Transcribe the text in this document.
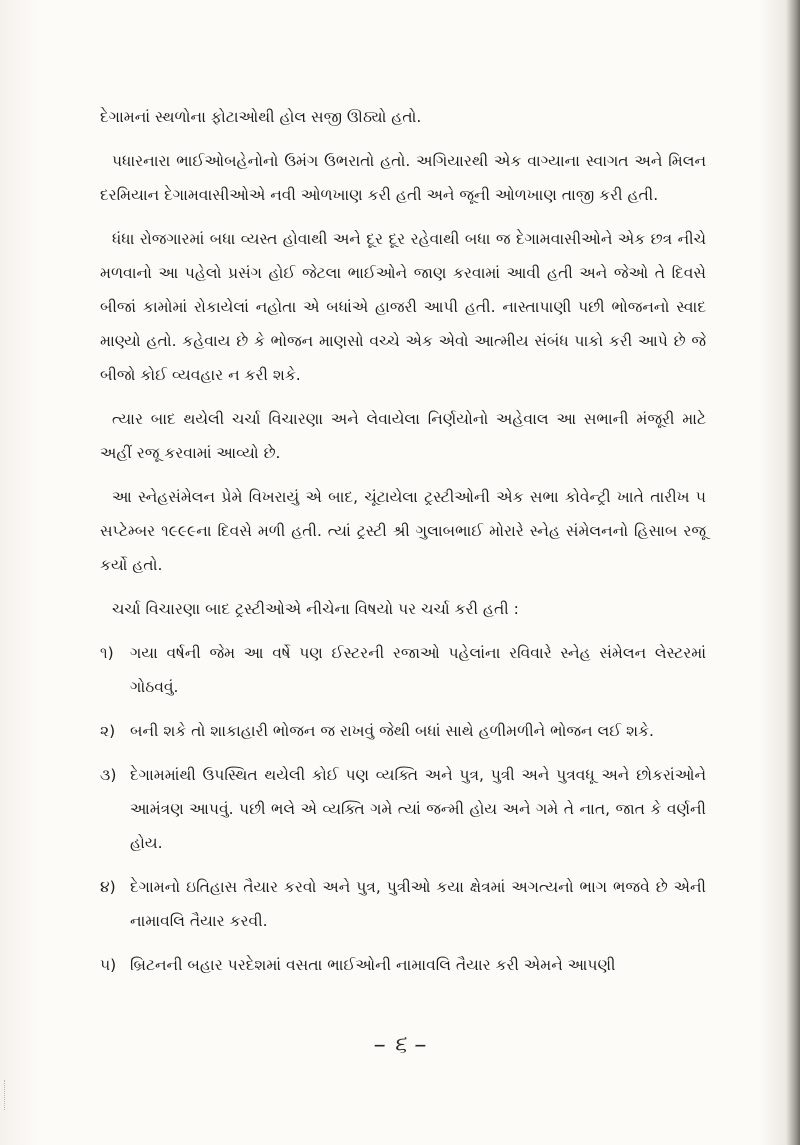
દેગામનાં સ્થળોના ફોટાઓથી હોલ સજી ઊઠ્યો હતો.

પધારનારા ભાઈઓબહેનોનો ઉમંગ ઉભરાતો હતો. અગિયારથી એક વાગ્યાના સ્વાગત અને મિલન દરમિયાન દેગામવાસીઓએ નવી ઓળખાણ કરી હતી અને જૂની ઓળખાણ તાજી કરી હતી.

ધંધા રોજગારમાં બધા વ્યસ્ત હોવાથી અને દૂર દૂર રહેવાથી બધા જ દેગામવાસીઓને એક છત્ર નીચે મળવાનો આ પહેલો પ્રસંગ હોઈ જેટલા ભાઈઓને જાણ કરવામાં આવી હતી અને જેઓ તે દિવસે બીજાં કામોમાં રોકાયેલાં નહોતા એ બધાંએ હાજરી આપી હતી. નાસ્તાપાણી પછી ભોજનનો સ્વાદ માણ્યો હતો. કહેવાય છે કે ભોજન માણસો વચ્ચે એક એવો આત્મીય સંબંધ પાકો કરી આપે છે જે બીજો કોઈ વ્યવહાર ન કરી શકે.

ત્યાર બાદ થયેલી ચર્ચા વિચારણા અને લેવાયેલા નિર્ણયોનો અહેવાલ આ સભાની મંજૂરી માટે અહીં રજૂ કરવામાં આવ્યો છે.

આ સ્નેહસંમેલન પ્રેમે વિખરાયું એ બાદ, ચૂંટાયેલા ટ્રસ્ટીઓની એક સભા કોવેન્ટ્રી ખાતે તારીખ ૫ સપ્ટેમ્બર ૧૯૯૯ના દિવસે મળી હતી. ત્યાં ટ્રસ્ટી શ્રી ગુલાબભાઈ મોરારે સ્નેહ સંમેલનનો હિસાબ રજૂ કર્યો હતો.

ચર્ચા વિચારણા બાદ ટ્રસ્ટીઓએ નીચેના વિષયો પર ચર્ચા કરી હતી :

૧)	ગયા વર્ષની જેમ આ વર્ષે પણ ઈસ્ટરની રજાઓ પહેલાંના રવિવારે સ્નેહ સંમેલન લેસ્ટરમાં ગોઠવવું.

૨) બની શકે તો શાકાહારી ભોજન જ રાખવું જેથી બધાં સાથે હળીમળીને ભોજન લઈ શકે.

૩) દેગામમાંથી ઉપસ્થિત થયેલી કોઈ પણ વ્યક્તિ અને પુત્ર, પુત્રી અને પુત્રવધૂ અને છોકરાંઓને આમંત્રણ આપવું. પછી ભલે એ વ્યક્તિ ગમે ત્યાં જન્મી હોય અને ગમે તે નાત, જાત કે વર્ણની હોય.

૪) દેગામનો ઇતિહાસ તૈયાર કરવો અને પુત્ર, પુત્રીઓ કયા ક્ષેત્રમાં અગત્યનો ભાગ ભજવે છે એની નામાવલિ તૈયાર કરવી.

૫) બ્રિટનની બહાર પરદેશમાં વસતા ભાઈઓની નામાવલિ તૈયાર કરી એમને આપણી

– ૬ –
